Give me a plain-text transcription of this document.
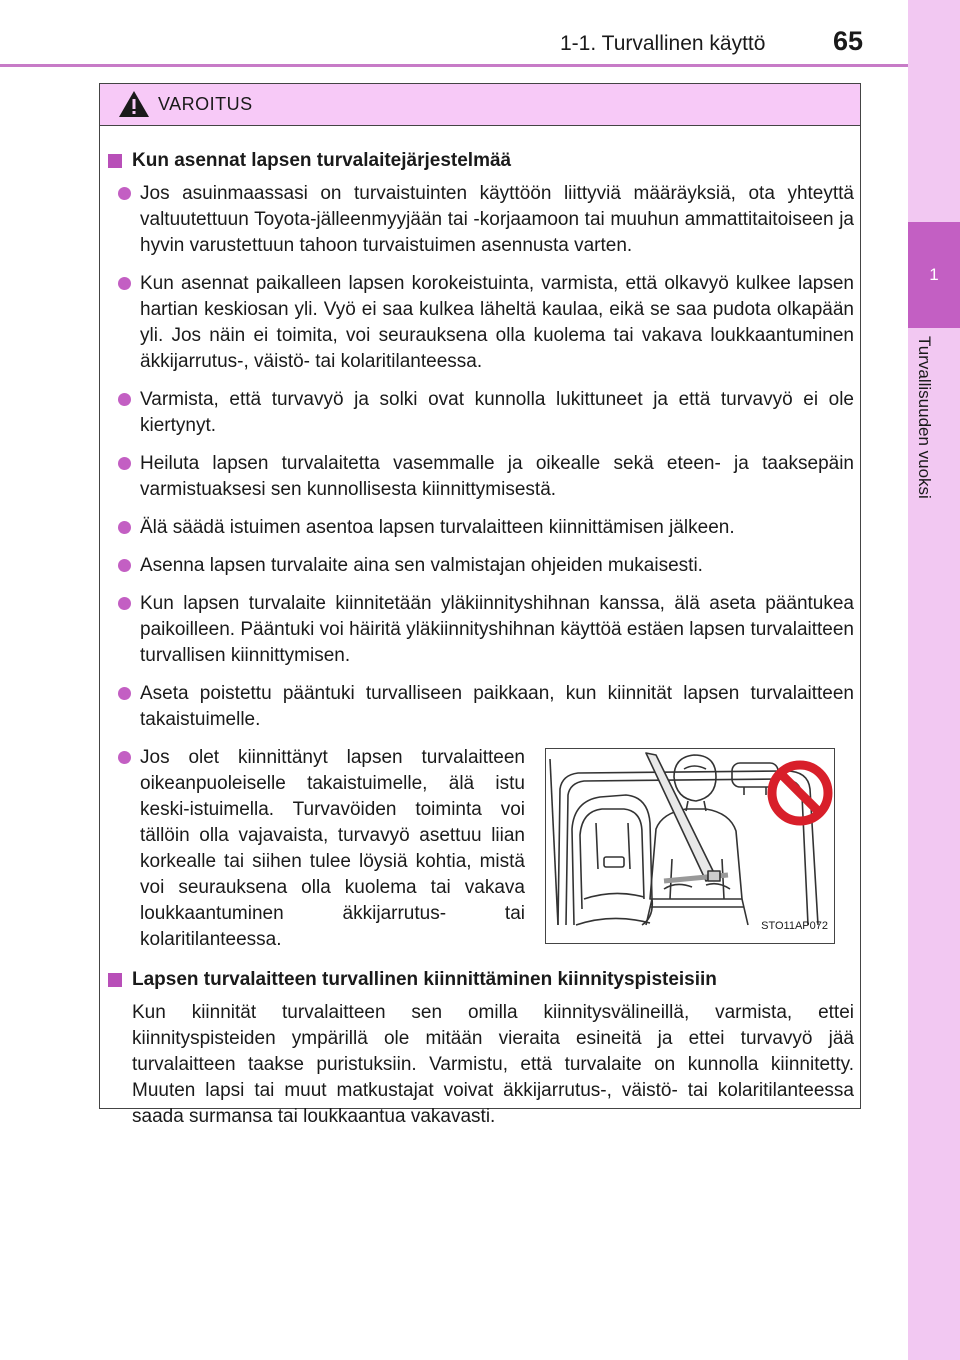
1-1. Turvallinen käyttö	65
1
Turvallisuuden vuoksi
VAROITUS
Kun asennat lapsen turvalaitejärjestelmää
Jos asuinmaassasi on turvaistuinten käyttöön liittyviä määräyksiä, ota yhteyttä valtuutettuun Toyota-jälleenmyyjään tai -korjaamoon tai muuhun ammattitaitoiseen ja hyvin varustettuun tahoon turvaistuimen asennusta varten.
Kun asennat paikalleen lapsen korokeistuinta, varmista, että olkavyö kulkee lapsen hartian keskiosan yli. Vyö ei saa kulkea läheltä kaulaa, eikä se saa pudota olkapään yli. Jos näin ei toimita, voi seurauksena olla kuolema tai vakava loukkaantuminen äkkijarrutus-, väistö- tai kolaritilanteessa.
Varmista, että turvavyö ja solki ovat kunnolla lukittuneet ja että turvavyö ei ole kiertynyt.
Heiluta lapsen turvalaitetta vasemmalle ja oikealle sekä eteen- ja taaksepäin varmistuaksesi sen kunnollisesta kiinnittymisestä.
Älä säädä istuimen asentoa lapsen turvalaitteen kiinnittämisen jälkeen.
Asenna lapsen turvalaite aina sen valmistajan ohjeiden mukaisesti.
Kun lapsen turvalaite kiinnitetään yläkiinnityshihnan kanssa, älä aseta pääntukea paikoilleen. Pääntuki voi häiritä yläkiinnityshihnan käyttöä estäen lapsen turvalaitteen turvallisen kiinnittymisen.
Aseta poistettu pääntuki turvalliseen paikkaan, kun kiinnität lapsen turvalaitteen takaistuimelle.
Jos olet kiinnittänyt lapsen turvalaitteen oikeanpuoleiselle takaistuimelle, älä istu keski-istuimella. Turvavöiden toiminta voi tällöin olla vajavaista, turvavyö asettuu liian korkealle tai siihen tulee löysiä kohtia, mistä voi seurauksena olla kuolema tai vakava loukkaantuminen äkkijarrutus- tai kolaritilanteessa.
STO11AP072
Lapsen turvalaitteen turvallinen kiinnittäminen kiinnityspisteisiin
Kun kiinnität turvalaitteen sen omilla kiinnitysvälineillä, varmista, ettei kiinnityspisteiden ympärillä ole mitään vieraita esineitä ja ettei turvavyö jää turvalaitteen taakse puristuksiin. Varmistu, että turvalaite on kunnolla kiinnitetty. Muuten lapsi tai muut matkustajat voivat äkkijarrutus-, väistö- tai kolaritilanteessa saada surmansa tai loukkaantua vakavasti.
